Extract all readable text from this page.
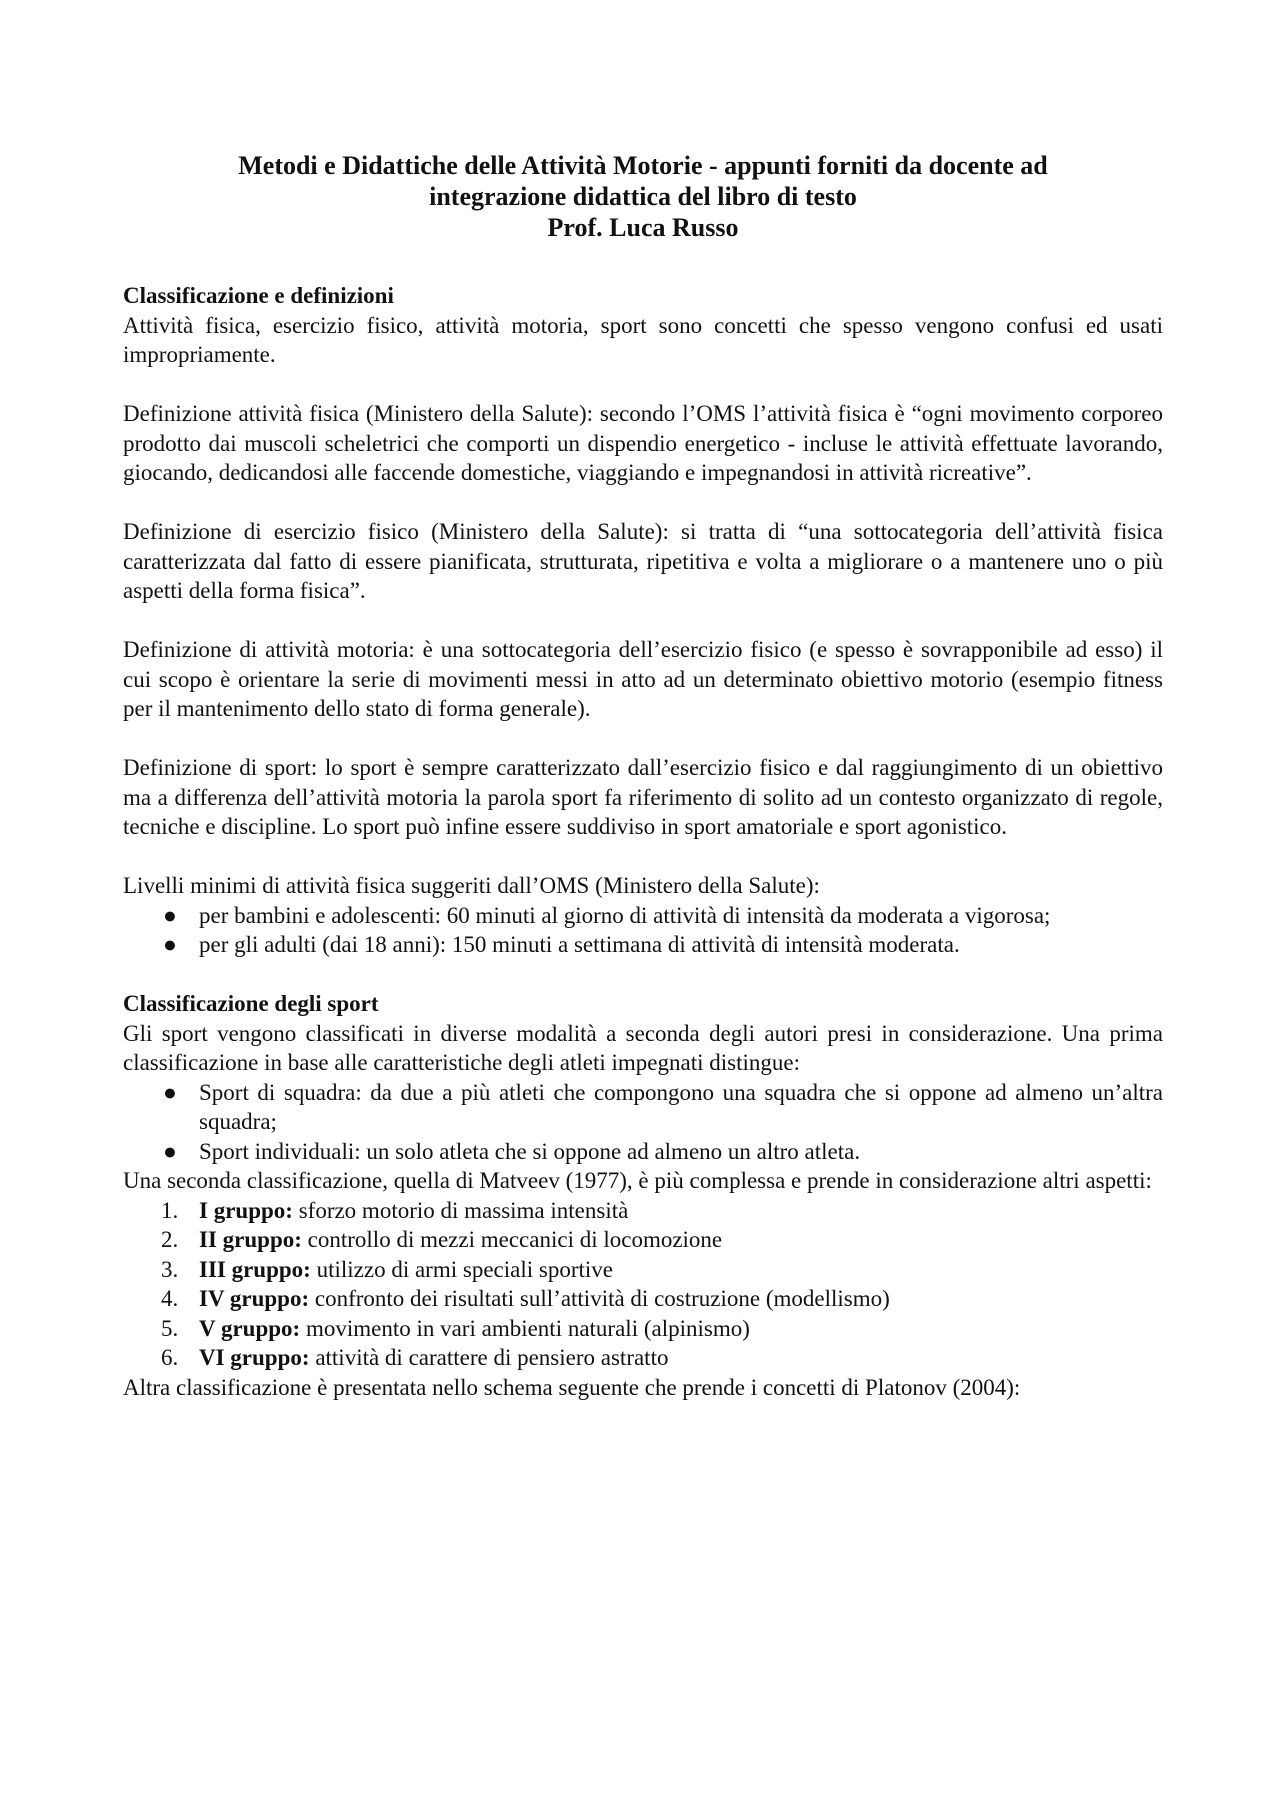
Metodi e Didattiche delle Attività Motorie - appunti forniti da docente ad
integrazione didattica del libro di testo
Prof. Luca Russo
Classificazione e definizioni

Attività fisica, esercizio fisico, attività motoria, sport sono concetti che spesso vengono confusi ed usati impropriamente.

Definizione attività fisica (Ministero della Salute): secondo l’OMS l’attività fisica è “ogni movimento corporeo prodotto dai muscoli scheletrici che comporti un dispendio energetico - incluse le attività effettuate lavorando, giocando, dedicandosi alle faccende domestiche, viaggiando e impegnandosi in attività ricreative”.

Definizione di esercizio fisico (Ministero della Salute): si tratta di “una sottocategoria dell’attività fisica caratterizzata dal fatto di essere pianificata, strutturata, ripetitiva e volta a migliorare o a mantenere uno o più aspetti della forma fisica”.

Definizione di attività motoria: è una sottocategoria dell’esercizio fisico (e spesso è sovrapponibile ad esso) il cui scopo è orientare la serie di movimenti messi in atto ad un determinato obiettivo motorio (esempio fitness per il mantenimento dello stato di forma generale).

Definizione di sport: lo sport è sempre caratterizzato dall’esercizio fisico e dal raggiungimento di un obiettivo ma a differenza dell’attività motoria la parola sport fa riferimento di solito ad un contesto organizzato di regole, tecniche e discipline. Lo sport può infine essere suddiviso in sport amatoriale e sport agonistico.

Livelli minimi di attività fisica suggeriti dall’OMS (Ministero della Salute):

● per bambini e adolescenti: 60 minuti al giorno di attività di intensità da moderata a vigorosa;
● per gli adulti (dai 18 anni): 150 minuti a settimana di attività di intensità moderata.
Classificazione degli sport

Gli sport vengono classificati in diverse modalità a seconda degli autori presi in considerazione. Una prima classificazione in base alle caratteristiche degli atleti impegnati distingue:

● Sport di squadra: da due a più atleti che compongono una squadra che si oppone ad almeno un’altra squadra;
● Sport individuali: un solo atleta che si oppone ad almeno un altro atleta.

Una seconda classificazione, quella di Matveev (1977), è più complessa e prende in considerazione altri aspetti:

1. I gruppo: sforzo motorio di massima intensità
2. II gruppo: controllo di mezzi meccanici di locomozione
3. III gruppo: utilizzo di armi speciali sportive
4. IV gruppo: confronto dei risultati sull’attività di costruzione (modellismo)
5. V gruppo: movimento in vari ambienti naturali (alpinismo)
6. VI gruppo: attività di carattere di pensiero astratto

Altra classificazione è presentata nello schema seguente che prende i concetti di Platonov (2004):
